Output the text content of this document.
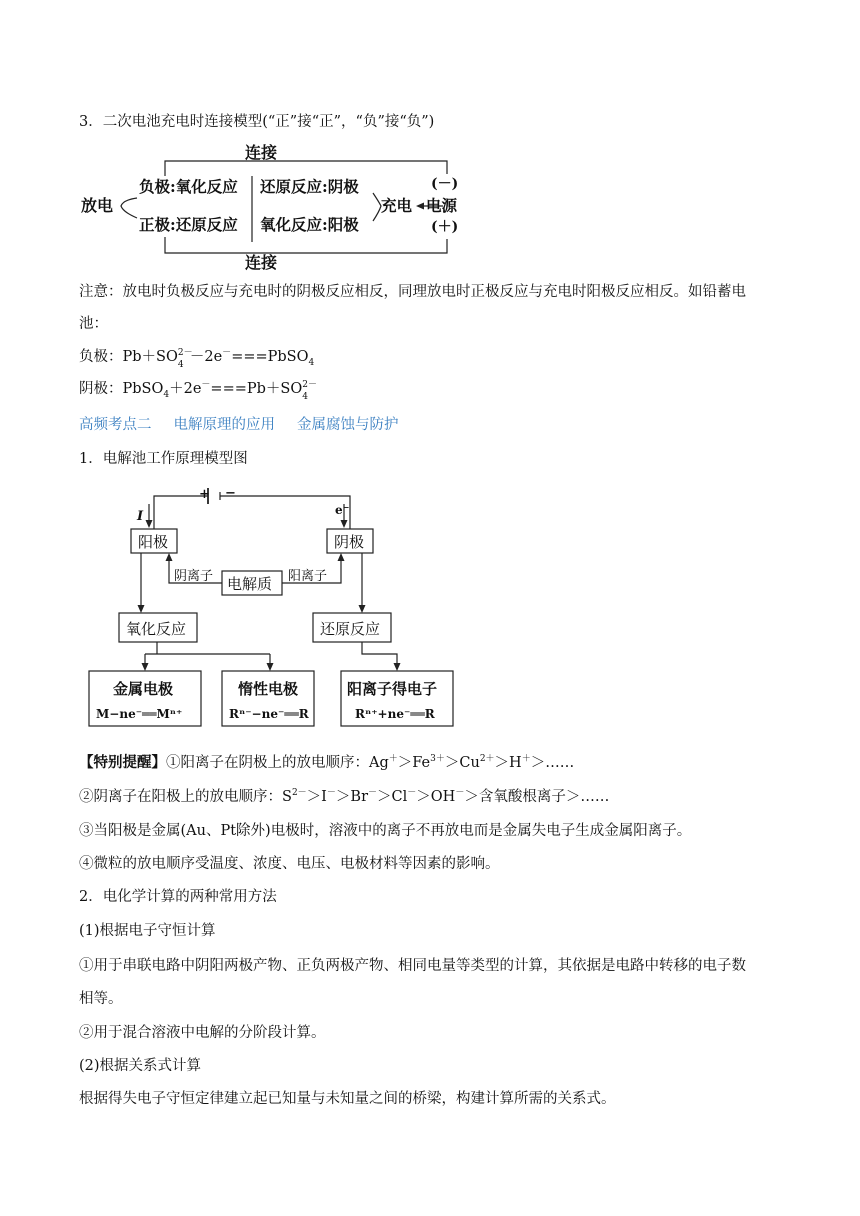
3．二次电池充电时连接模型(“正”接“正”，“负”接“负”)
连接
连接
放电
负极:氧化反应
正极:还原反应
还原反应:阴极
氧化反应:阳极
充电 电源
(－)
(＋)
注意：放电时负极反应与充电时的阴极反应相反，同理放电时正极反应与充电时阳极反应相反。如铅蓄电
池：
负极：Pb＋SO 2－
4 －2e－===PbSO$_4$
阴极：PbSO$_4$＋2e－===Pb＋SO 2－
4
高频考点二 电解原理的应用 金属腐蚀与防护
1．电解池工作原理模型图
+ −
I	e−
阳极	阴极
阴离子	阳离子
电解质
氧化反应	还原反应
金属电极
M−ne⁻══Mⁿ⁺
惰性电极
Rⁿ⁻−ne⁻══R
阳离子得电子
Rⁿ⁺+ne⁻══R
【特别提醒】①阳离子在阴极上的放电顺序：$Ag^+>Fe^{3+}>Cu^{2+}>H^+>\dots\dots$
②阴离子在阳极上的放电顺序：$S^{2-}>I^->Br^->Cl^->OH^->$含氧酸根离子＞……
③当阳极是金属(Au、Pt除外)电极时，溶液中的离子不再放电而是金属失电子生成金属阳离子。
④微粒的放电顺序受温度、浓度、电压、电极材料等因素的影响。
2．电化学计算的两种常用方法
(1)根据电子守恒计算
①用于串联电路中阴阳两极产物、正负两极产物、相同电量等类型的计算，其依据是电路中转移的电子数
相等。
②用于混合溶液中电解的分阶段计算。
(2)根据关系式计算
根据得失电子守恒定律建立起已知量与未知量之间的桥梁，构建计算所需的关系式。
